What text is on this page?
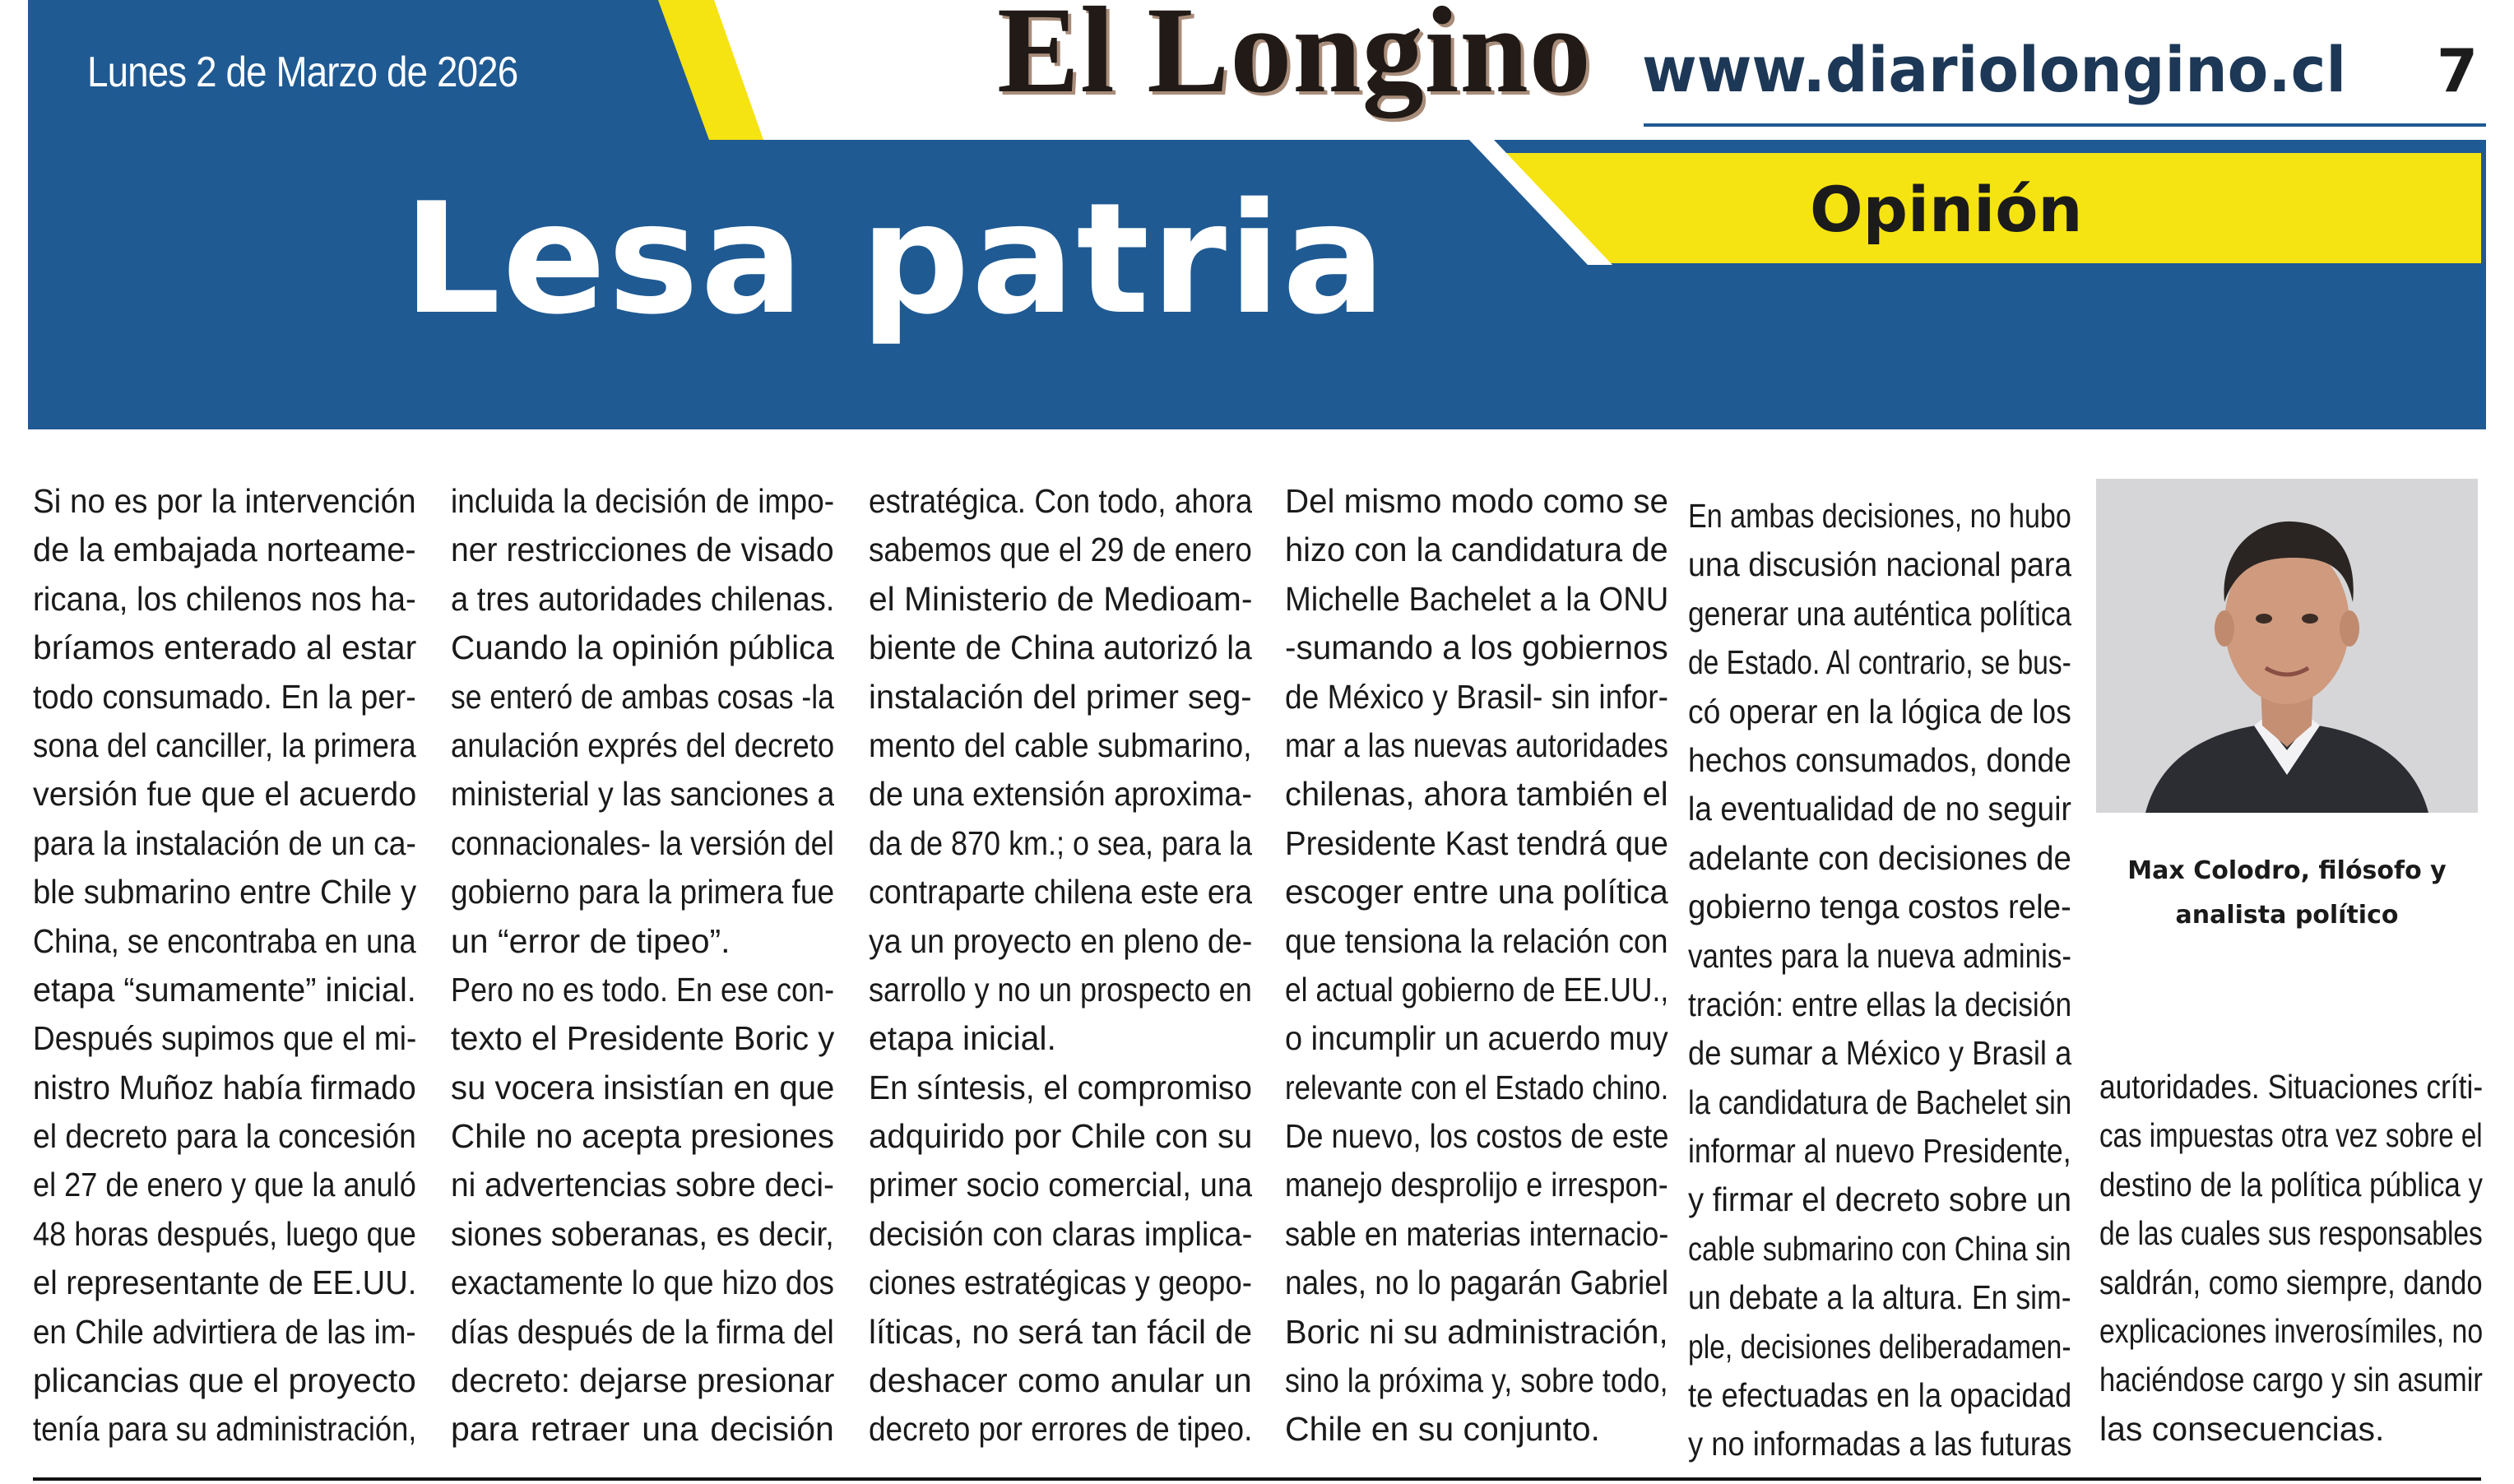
Lunes 2 de Marzo de 2026	El Longino www.diariolongino.cl 7
Opinión
Lesa patria
Si no es por la intervención
de la embajada norteame-
ricana, los chilenos nos ha-
bríamos enterado al estar
todo consumado. En la per-
sona del canciller, la primera
versión fue que el acuerdo
para la instalación de un ca-
ble submarino entre Chile y
China, se encontraba en una
etapa “sumamente” inicial.
Después supimos que el mi-
nistro Muñoz había firmado
el decreto para la concesión
el 27 de enero y que la anuló
48 horas después, luego que
el representante de EE.UU.
en Chile advirtiera de las im-
plicancias que el proyecto
tenía para su administración,
incluida la decisión de impo-
ner restricciones de visado
a tres autoridades chilenas.
Cuando la opinión pública
se enteró de ambas cosas -la
anulación exprés del decreto
ministerial y las sanciones a
connacionales- la versión del
gobierno para la primera fue
un “error de tipeo”.
Pero no es todo. En ese con-
texto el Presidente Boric y
su vocera insistían en que
Chile no acepta presiones
ni advertencias sobre deci-
siones soberanas, es decir,
exactamente lo que hizo dos
días después de la firma del
decreto: dejarse presionar
para retraer una decisión
estratégica. Con todo, ahora
sabemos que el 29 de enero
el Ministerio de Medioam-
biente de China autorizó la
instalación del primer seg-
mento del cable submarino,
de una extensión aproxima-
da de 870 km.; o sea, para la
contraparte chilena este era
ya un proyecto en pleno de-
sarrollo y no un prospecto en
etapa inicial.
En síntesis, el compromiso
adquirido por Chile con su
primer socio comercial, una
decisión con claras implica-
ciones estratégicas y geopo-
líticas, no será tan fácil de
deshacer como anular un
decreto por errores de tipeo.
Del mismo modo como se
hizo con la candidatura de
Michelle Bachelet a la ONU
-sumando a los gobiernos
de México y Brasil- sin infor-
mar a las nuevas autoridades
chilenas, ahora también el
Presidente Kast tendrá que
escoger entre una política
que tensiona la relación con
el actual gobierno de EE.UU.,
o incumplir un acuerdo muy
relevante con el Estado chino.
De nuevo, los costos de este
manejo desprolijo e irrespon-
sable en materias internacio-
nales, no lo pagarán Gabriel
Boric ni su administración,
sino la próxima y, sobre todo,
Chile en su conjunto.
En ambas decisiones, no hubo
una discusión nacional para
generar una auténtica política
de Estado. Al contrario, se bus-
có operar en la lógica de los
hechos consumados, donde
la eventualidad de no seguir
adelante con decisiones de
gobierno tenga costos rele-
vantes para la nueva adminis-
tración: entre ellas la decisión
de sumar a México y Brasil a
la candidatura de Bachelet sin
informar al nuevo Presidente,
y firmar el decreto sobre un
cable submarino con China sin
un debate a la altura. En sim-
ple, decisiones deliberadamen-
te efectuadas en la opacidad
y no informadas a las futuras
autoridades. Situaciones críti-
cas impuestas otra vez sobre el
destino de la política pública y
de las cuales sus responsables
saldrán, como siempre, dando
explicaciones inverosímiles, no
haciéndose cargo y sin asumir
las consecuencias.
Max Colodro, filósofo y analista político
